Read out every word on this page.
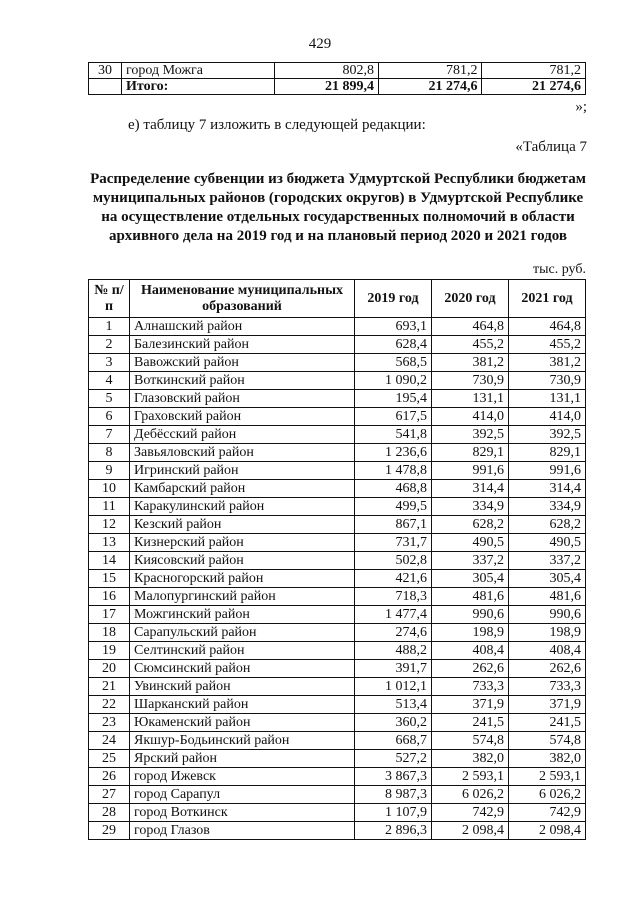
429
30	город Можга	802,8	781,2	781,2
	Итого:	21 899,4	21 274,6	21 274,6
»;
е) таблицу 7 изложить в следующей редакции:
«Таблица 7
Распределение субвенции из бюджета Удмуртской Республики бюджетам муниципальных районов (городских округов) в Удмуртской Республике на осуществление отдельных государственных полномочий в области архивного дела на 2019 год и на плановый период 2020 и 2021 годов
тыс. руб.
№ п/п	Наименование муниципальных образований	2019 год	2020 год	2021 год
1	Алнашский район	693,1	464,8	464,8
2	Балезинский район	628,4	455,2	455,2
3	Вавожский район	568,5	381,2	381,2
4	Воткинский район	1 090,2	730,9	730,9
5	Глазовский район	195,4	131,1	131,1
6	Граховский район	617,5	414,0	414,0
7	Дебёсский район	541,8	392,5	392,5
8	Завьяловский район	1 236,6	829,1	829,1
9	Игринский район	1 478,8	991,6	991,6
10	Камбарский район	468,8	314,4	314,4
11	Каракулинский район	499,5	334,9	334,9
12	Кезский район	867,1	628,2	628,2
13	Кизнерский район	731,7	490,5	490,5
14	Киясовский район	502,8	337,2	337,2
15	Красногорский район	421,6	305,4	305,4
16	Малопургинский район	718,3	481,6	481,6
17	Можгинский район	1 477,4	990,6	990,6
18	Сарапульский район	274,6	198,9	198,9
19	Селтинский район	488,2	408,4	408,4
20	Сюмсинский район	391,7	262,6	262,6
21	Увинский район	1 012,1	733,3	733,3
22	Шарканский район	513,4	371,9	371,9
23	Юкаменский район	360,2	241,5	241,5
24	Якшур-Бодьинский район	668,7	574,8	574,8
25	Ярский район	527,2	382,0	382,0
26	город Ижевск	3 867,3	2 593,1	2 593,1
27	город Сарапул	8 987,3	6 026,2	6 026,2
28	город Воткинск	1 107,9	742,9	742,9
29	город Глазов	2 896,3	2 098,4	2 098,4
